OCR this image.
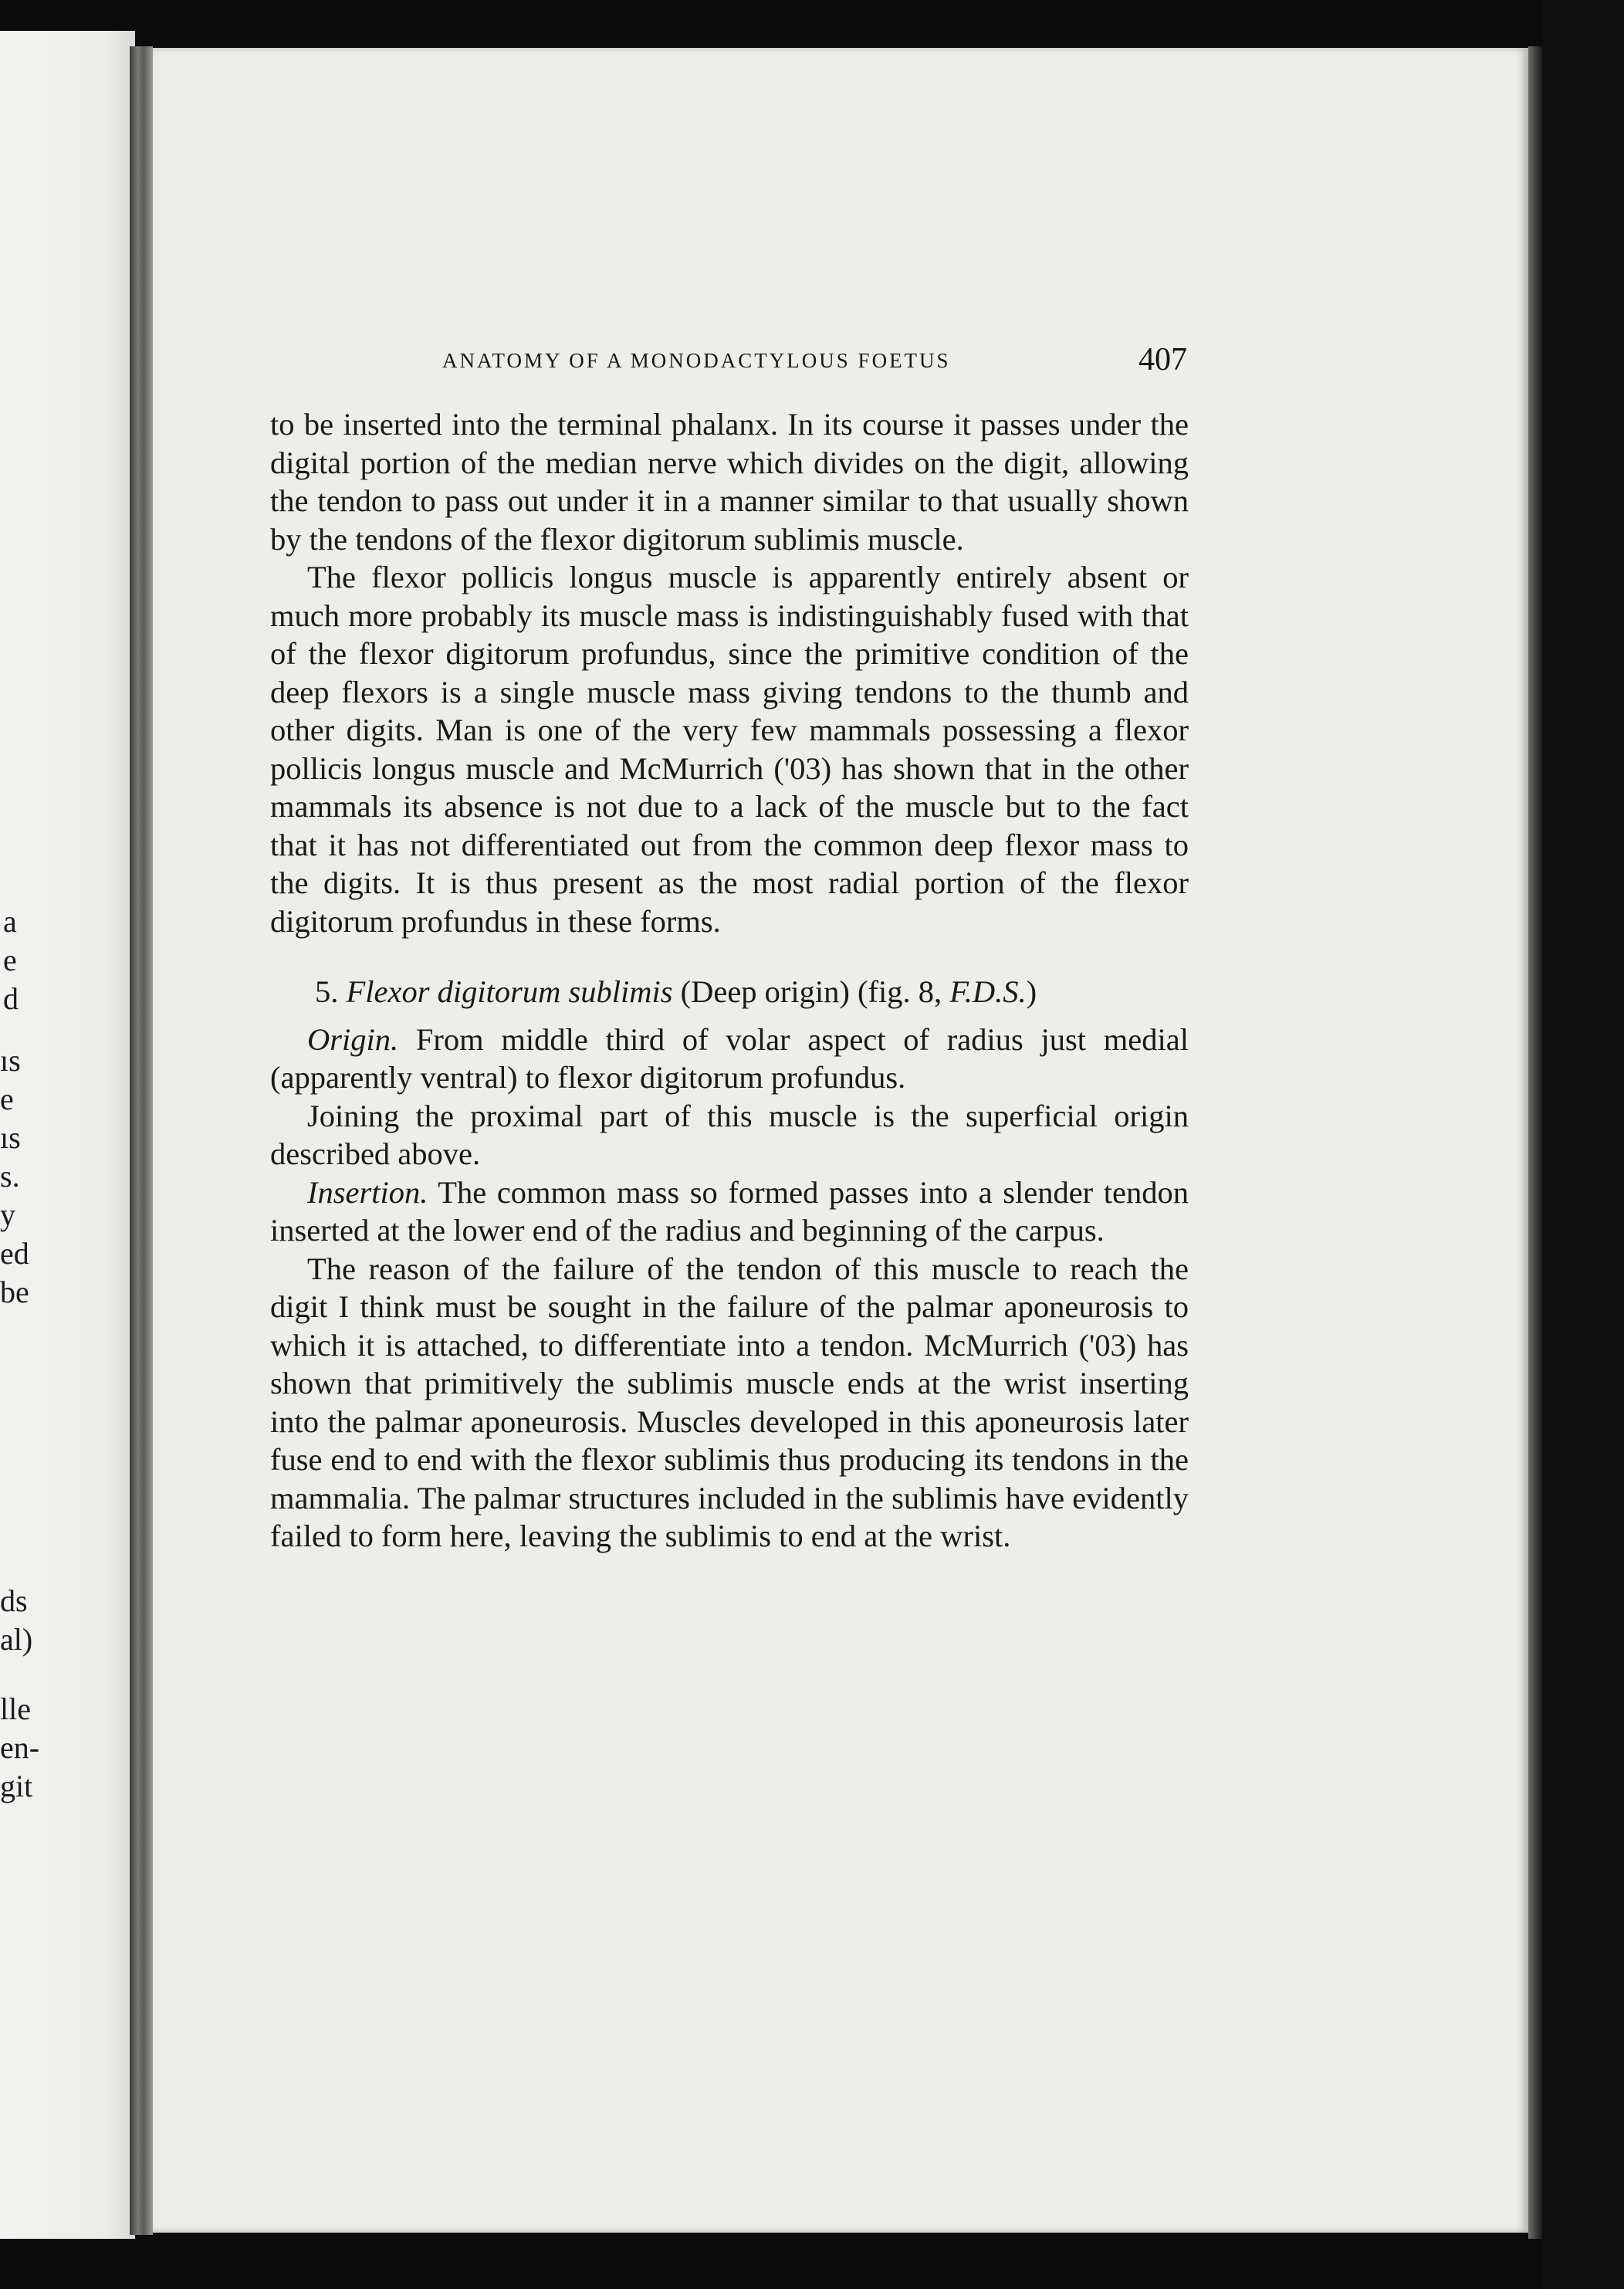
a
e
d
ıs
e
ıs
s.
y
ed
be
ds
al)
lle
en-
git
ANATOMY OF A MONODACTYLOUS FOETUS	407

to be inserted into the terminal phalanx. In its course it passes under the digital portion of the median nerve which divides on the digit, allowing the tendon to pass out under it in a manner similar to that usually shown by the tendons of the flexor digitorum sublimis muscle.

The flexor pollicis longus muscle is apparently entirely absent or much more probably its muscle mass is indistinguishably fused with that of the flexor digitorum profundus, since the primitive condition of the deep flexors is a single muscle mass giving tendons to the thumb and other digits. Man is one of the very few mammals possessing a flexor pollicis longus muscle and McMurrich ('03) has shown that in the other mammals its absence is not due to a lack of the muscle but to the fact that it has not differentiated out from the common deep flexor mass to the digits. It is thus present as the most radial portion of the flexor digitorum profundus in these forms.

5. Flexor digitorum sublimis (Deep origin) (fig. 8, F.D.S.)

Origin. From middle third of volar aspect of radius just medial (apparently ventral) to flexor digitorum profundus.

Joining the proximal part of this muscle is the superficial origin described above.

Insertion. The common mass so formed passes into a slender tendon inserted at the lower end of the radius and beginning of the carpus.

The reason of the failure of the tendon of this muscle to reach the digit I think must be sought in the failure of the palmar aponeurosis to which it is attached, to differentiate into a tendon. McMurrich ('03) has shown that primitively the sublimis muscle ends at the wrist inserting into the palmar aponeurosis. Muscles developed in this aponeurosis later fuse end to end with the flexor sublimis thus producing its tendons in the mammalia. The palmar structures included in the sublimis have evidently failed to form here, leaving the sublimis to end at the wrist.
